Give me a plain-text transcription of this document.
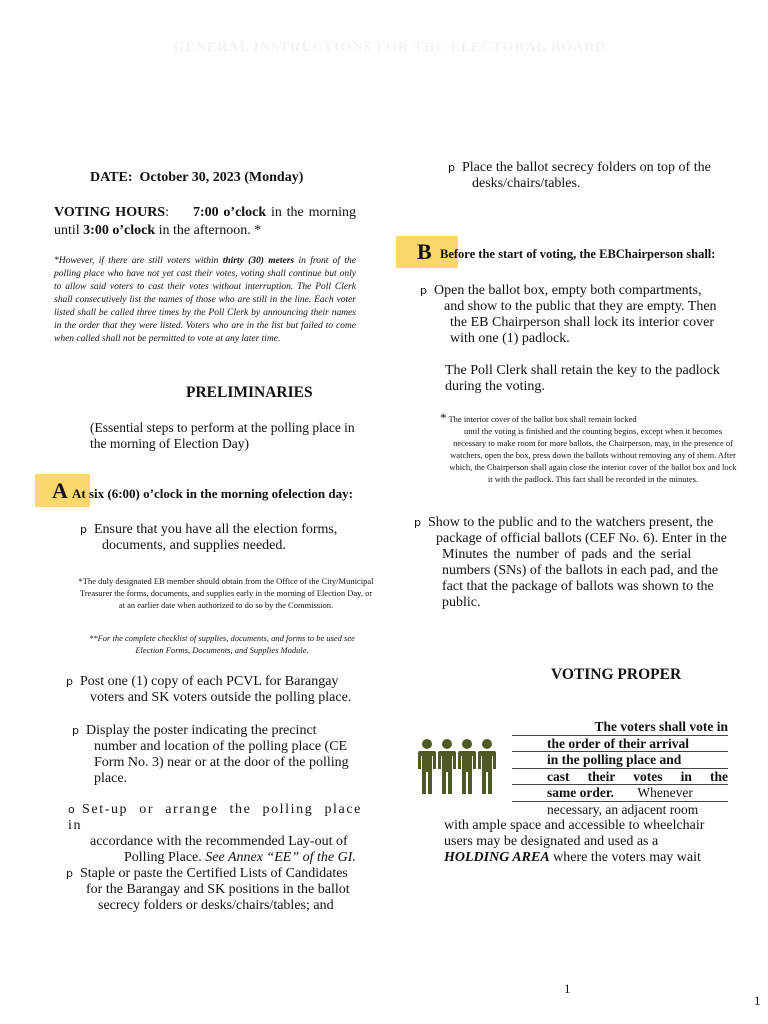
GENERAL INSTRUCTIONS FOR THE ELECTORAL BOARD
DATE: October 30, 2023 (Monday)
VOTING HOURS: 7:00 o’clock in the morning until 3:00 o’clock in the afternoon. *
*However, if there are still voters within thirty (30) meters in front of the polling place who have not yet cast their votes, voting shall continue but only to allow said voters to cast their votes without interruption. The Poll Clerk shall consecutively list the names of those who are still in the line. Each voter listed shall be called three times by the Poll Clerk by announcing their names in the order that they were listed. Voters who are in the list but failed to come when called shall not be permitted to vote at any later time.
PRELIMINARIES
(Essential steps to perform at the polling place in the morning of Election Day)
A At six (6:00) o’clock in the morning ofelection day:
p Ensure that you have all the election forms,
documents, and supplies needed.
*The duly designated EB member should obtain from the Office of the City/Municipal Treasurer the forms, documents, and supplies early in the morning of Election Day, or at an earlier date when authorized to do so by the Commission.
**For the complete checklist of supplies, documents, and forms to be used see Election Forms, Documents, and Supplies Module.
p Post one (1) copy of each PCVL for Barangay
voters and SK voters outside the polling place.
p Display the poster indicating the precinct
number and location of the polling place (CE
Form No. 3) near or at the door of the polling
place.
o Set-up or arrange the polling place in
accordance with the recommended Lay-out of
Polling Place. See Annex “EE” of the GI.
p Staple or paste the Certified Lists of Candidates
for the Barangay and SK positions in the ballot
secrecy folders or desks/chairs/tables; and
p Place the ballot secrecy folders on top of the
desks/chairs/tables.
B Before the start of voting, the EBChairperson shall:
p Open the ballot box, empty both compartments,
and show to the public that they are empty. Then
the EB Chairperson shall lock its interior cover
with one (1) padlock.
The Poll Clerk shall retain the key to the padlock
during the voting.
* The interior cover of the ballot box shall remain locked
until the voting is finished and the counting begins, except when it becomes necessary to make room for more ballots, the Chairperson, may, in the presence of watchers, open the box, press down the ballots without removing any of them. After which, the Chairperson shall again close the interior cover of the ballot box and lock it with the padlock. This fact shall be recorded in the minutes.
p Show to the public and to the watchers present, the
package of official ballots (CEF No. 6). Enter in the
Minutes the number of pads and the serial
numbers (SNs) of the ballots in each pad, and the
fact that the package of ballots was shown to the
public.
VOTING PROPER
The voters shall vote in
the order of their arrival
in the polling place and
cast their votes in the
same order. Whenever
necessary, an adjacent room
with ample space and accessible to wheelchair
users may be designated and used as a
HOLDING AREA where the voters may wait
1
1
